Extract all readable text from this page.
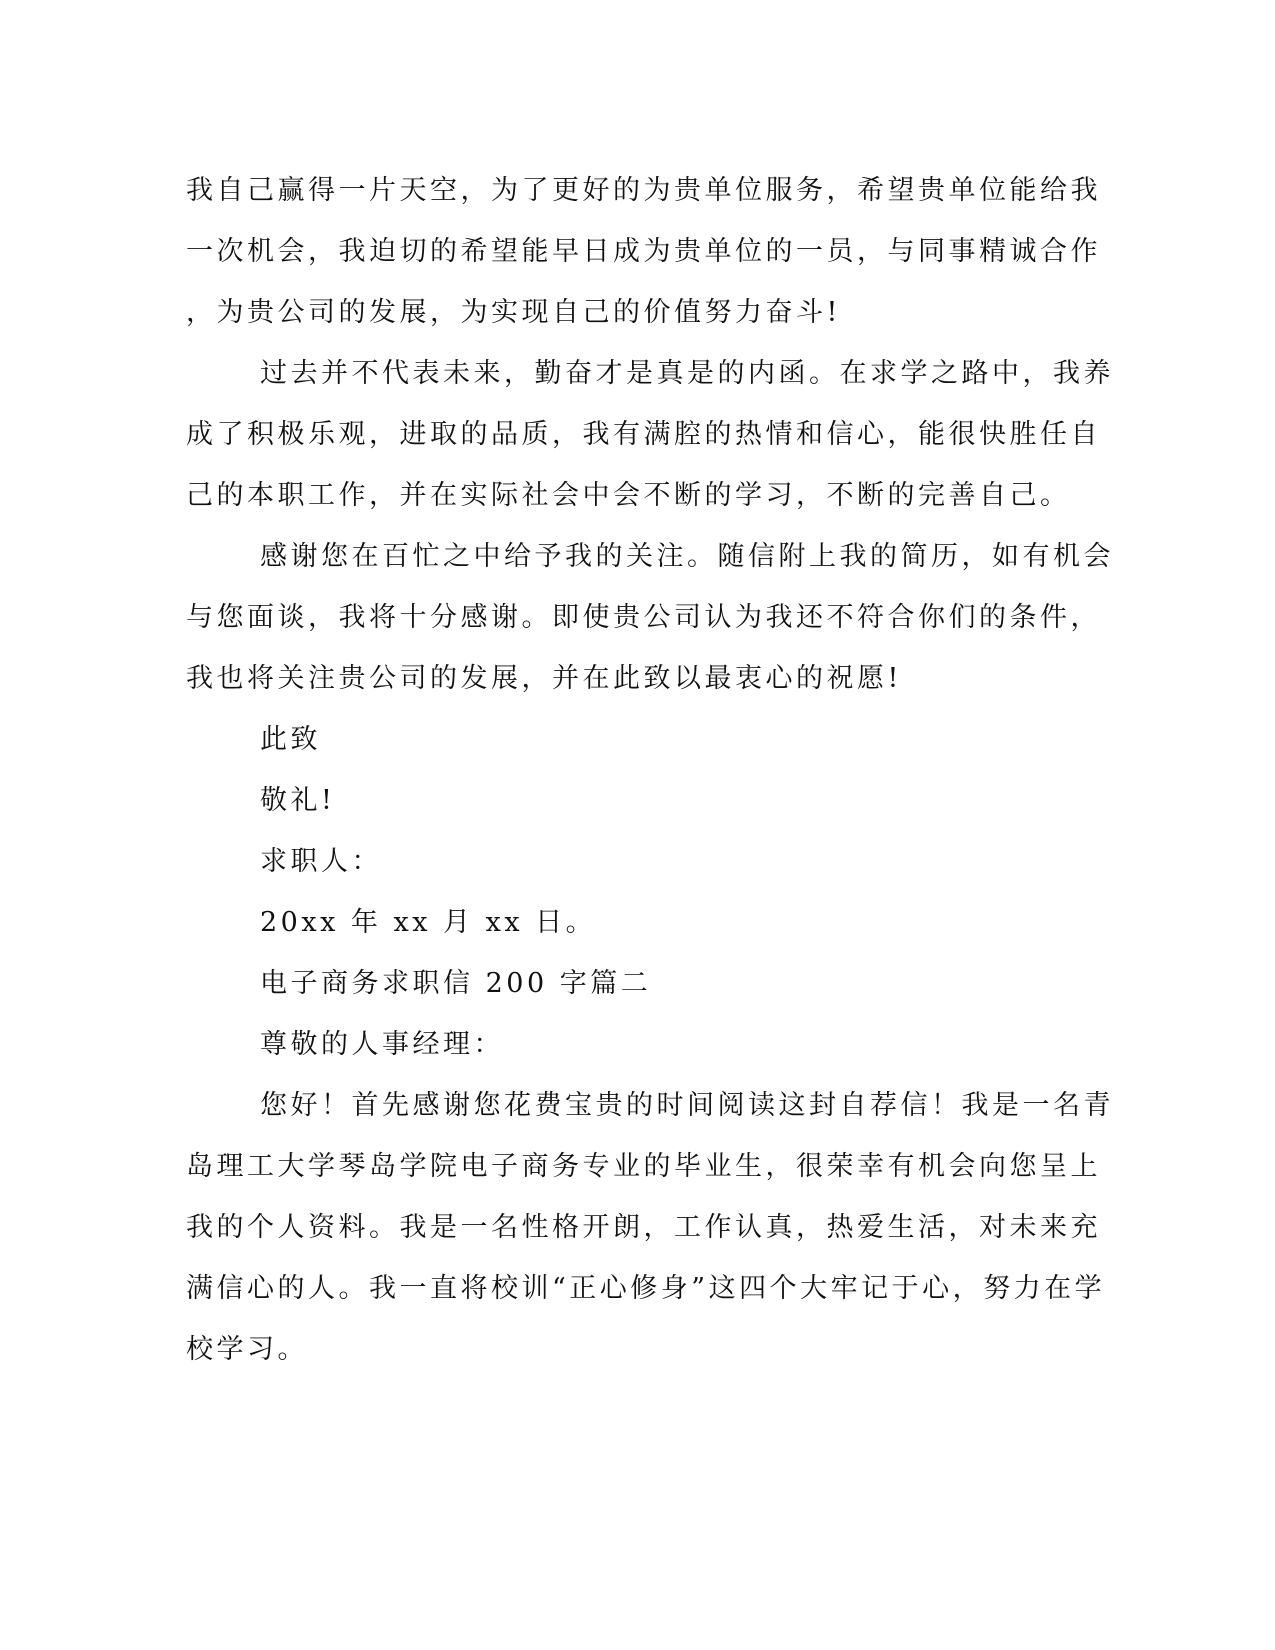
我自己赢得一片天空，为了更好的为贵单位服务，希望贵单位能给我
一次机会，我迫切的希望能早日成为贵单位的一员，与同事精诚合作
，为贵公司的发展，为实现自己的价值努力奋斗!
过去并不代表未来，勤奋才是真是的内函。在求学之路中，我养
成了积极乐观，进取的品质，我有满腔的热情和信心，能很快胜任自
己的本职工作，并在实际社会中会不断的学习，不断的完善自己。
感谢您在百忙之中给予我的关注。随信附上我的简历，如有机会
与您面谈，我将十分感谢。即使贵公司认为我还不符合你们的条件，
我也将关注贵公司的发展，并在此致以最衷心的祝愿!
此致
敬礼!
求职人：
20xx 年 xx 月 xx 日。
电子商务求职信 200 字篇二
尊敬的人事经理：
您好！首先感谢您花费宝贵的时间阅读这封自荐信！我是一名青
岛理工大学琴岛学院电子商务专业的毕业生，很荣幸有机会向您呈上
我的个人资料。我是一名性格开朗，工作认真，热爱生活，对未来充
满信心的人。我一直将校训“正心修身”这四个大牢记于心，努力在学
校学习。
